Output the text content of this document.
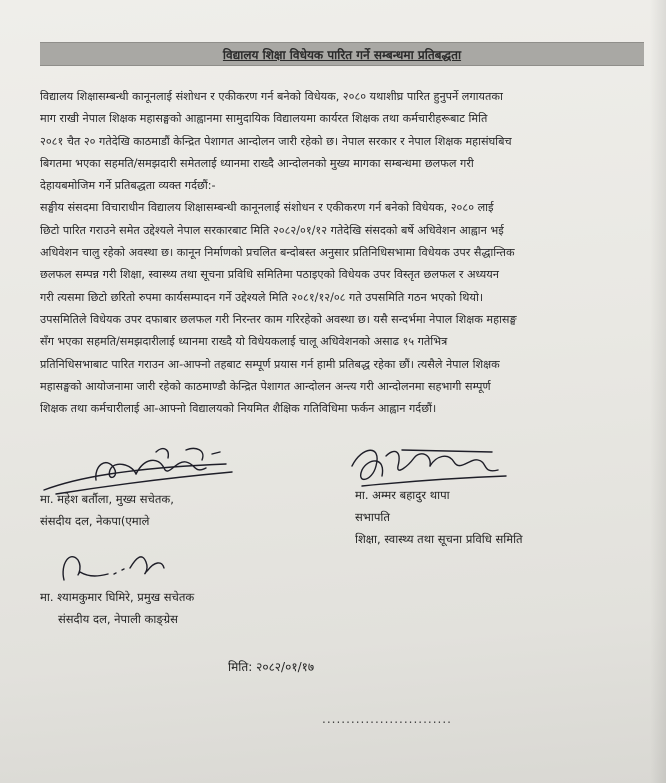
विद्यालय शिक्षा विधेयक पारित गर्ने सम्बन्धमा प्रतिबद्धता
विद्यालय शिक्षासम्बन्धी कानूनलाई संशोधन र एकीकरण गर्न बनेको विधेयक, २०८० यथाशीघ्र पारित हुनुपर्ने लगायतका
माग राखी नेपाल शिक्षक महासङ्घको आह्वानमा सामुदायिक विद्यालयमा कार्यरत शिक्षक तथा कर्मचारीहरूबाट मिति
२०८१ चैत २० गतेदेखि काठमाडौं केन्द्रित पेशागत आन्दोलन जारी रहेको छ। नेपाल सरकार र नेपाल शिक्षक महासंघबिच
बिगतमा भएका सहमति/समझदारी समेतलाई ध्यानमा राख्दै आन्दोलनको मुख्य मागका सम्बन्धमा छलफल गरी
देहायबमोजिम गर्ने प्रतिबद्धता व्यक्त गर्दछौं:-
सङ्घीय संसदमा विचाराधीन विद्यालय शिक्षासम्बन्धी कानूनलाई संशोधन र एकीकरण गर्न बनेको विधेयक, २०८० लाई
छिटो पारित गराउने समेत उद्देश्यले नेपाल सरकारबाट मिति २०८२/०१/१२ गतेदेखि संसदको बर्षे अधिवेशन आह्वान भई
अधिवेशन चालु रहेको अवस्था छ। कानून निर्माणको प्रचलित बन्दोबस्त अनुसार प्रतिनिधिसभामा विधेयक उपर सैद्धान्तिक
छलफल सम्पन्न गरी शिक्षा, स्वास्थ्य तथा सूचना प्रविधि समितिमा पठाइएको विधेयक उपर विस्तृत छलफल र अध्ययन
गरी त्यसमा छिटो छरितो रुपमा कार्यसम्पादन गर्ने उद्देश्यले मिति २०८१/१२/०८ गते उपसमिति गठन भएको थियो।
उपसमितिले विधेयक उपर दफाबार छलफल गरी निरन्तर काम गरिरहेको अवस्था छ। यसै सन्दर्भमा नेपाल शिक्षक महासङ्घ
सँग भएका सहमति/समझदारीलाई ध्यानमा राख्दै यो विधेयकलाई चालू अधिवेशनको असाढ १५ गतेभित्र
प्रतिनिधिसभाबाट पारित गराउन आ-आफ्नो तहबाट सम्पूर्ण प्रयास गर्न हामी प्रतिबद्ध रहेका छौं। त्यसैले नेपाल शिक्षक
महासङ्घको आयोजनामा जारी रहेको काठमाण्डौ केन्द्रित पेशागत आन्दोलन अन्त्य गरी आन्दोलनमा सहभागी सम्पूर्ण
शिक्षक तथा कर्मचारीलाई आ-आफ्नो विद्यालयको नियमित शैक्षिक गतिविधिमा फर्कन आह्वान गर्दछौं।
मा. महेश बर्तौला, मुख्य सचेतक,
संसदीय दल, नेकपा(एमाले
मा. अम्मर बहादुर थापा
सभापति
शिक्षा, स्वास्थ्य तथा सूचना प्रविधि समिति
मा. श्यामकुमार घिमिरे, प्रमुख सचेतक
संसदीय दल, नेपाली काङ्ग्रेस
मिति: २०८२/०१/१७
...........................
